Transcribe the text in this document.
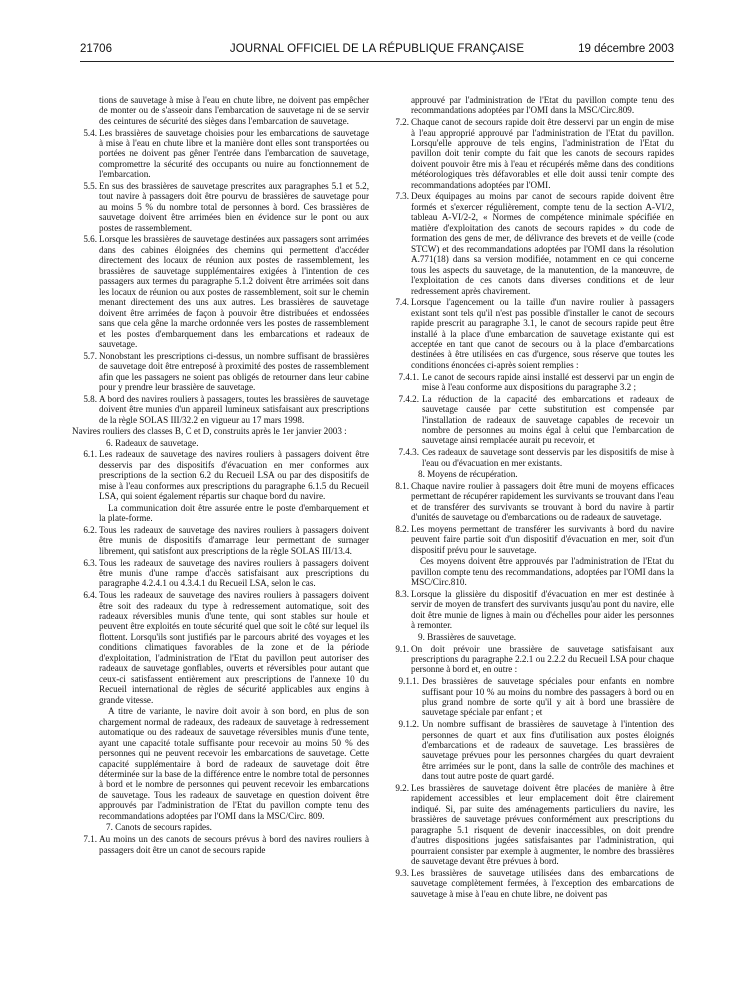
21706	JOURNAL OFFICIEL DE LA RÉPUBLIQUE FRANÇAISE	19 décembre 2003
tions de sauvetage à mise à l'eau en chute libre, ne doivent pas empêcher de monter ou de s'asseoir dans l'embarcation de sauvetage ni de se servir des ceintures de sécurité des sièges dans l'embarcation de sauvetage.
5.4. Les brassières de sauvetage choisies pour les embarcations de sauvetage à mise à l'eau en chute libre et la manière dont elles sont transportées ou portées ne doivent pas gêner l'entrée dans l'embarcation de sauvetage, compromettre la sécurité des occupants ou nuire au fonctionnement de l'embarcation.
5.5. En sus des brassières de sauvetage prescrites aux paragraphes 5.1 et 5.2, tout navire à passagers doit être pourvu de brassières de sauvetage pour au moins 5 % du nombre total de personnes à bord. Ces brassières de sauvetage doivent être arrimées bien en évidence sur le pont ou aux postes de rassemblement.
5.6. Lorsque les brassières de sauvetage destinées aux passagers sont arrimées dans des cabines éloignées des chemins qui permettent d'accéder directement des locaux de réunion aux postes de rassemblement, les brassières de sauvetage supplémentaires exigées à l'intention de ces passagers aux termes du paragraphe 5.1.2 doivent être arrimées soit dans les locaux de réunion ou aux postes de rassemblement, soit sur le chemin menant directement des uns aux autres. Les brassières de sauvetage doivent être arrimées de façon à pouvoir être distribuées et endossées sans que cela gêne la marche ordonnée vers les postes de rassemblement et les postes d'embarquement dans les embarcations et radeaux de sauvetage.
5.7. Nonobstant les prescriptions ci-dessus, un nombre suffisant de brassières de sauvetage doit être entreposé à proximité des postes de rassemblement afin que les passagers ne soient pas obligés de retourner dans leur cabine pour y prendre leur brassière de sauvetage.
5.8. A bord des navires rouliers à passagers, toutes les brassières de sauvetage doivent être munies d'un appareil lumineux satisfaisant aux prescriptions de la règle SOLAS III/32.2 en vigueur au 17 mars 1998.
Navires rouliers des classes B, C et D, construits après le 1er janvier 2003 :
6. Radeaux de sauvetage.
6.1. Les radeaux de sauvetage des navires rouliers à passagers doivent être desservis par des dispositifs d'évacuation en mer conformes aux prescriptions de la section 6.2 du Recueil LSA ou par des dispositifs de mise à l'eau conformes aux prescriptions du paragraphe 6.1.5 du Recueil LSA, qui soient également répartis sur chaque bord du navire.
La communication doit être assurée entre le poste d'embarquement et la plate-forme.
6.2. Tous les radeaux de sauvetage des navires rouliers à passagers doivent être munis de dispositifs d'amarrage leur permettant de surnager librement, qui satisfont aux prescriptions de la règle SOLAS III/13.4.
6.3. Tous les radeaux de sauvetage des navires rouliers à passagers doivent être munis d'une rampe d'accès satisfaisant aux prescriptions du paragraphe 4.2.4.1 ou 4.3.4.1 du Recueil LSA, selon le cas.
6.4. Tous les radeaux de sauvetage des navires rouliers à passagers doivent être soit des radeaux du type à redressement automatique, soit des radeaux réversibles munis d'une tente, qui sont stables sur houle et peuvent être exploités en toute sécurité quel que soit le côté sur lequel ils flottent. Lorsqu'ils sont justifiés par le parcours abrité des voyages et les conditions climatiques favorables de la zone et de la période d'exploitation, l'administration de l'Etat du pavillon peut autoriser des radeaux de sauvetage gonflables, ouverts et réversibles pour autant que ceux-ci satisfassent entièrement aux prescriptions de l'annexe 10 du Recueil international de règles de sécurité applicables aux engins à grande vitesse.
A titre de variante, le navire doit avoir à son bord, en plus de son chargement normal de radeaux, des radeaux de sauvetage à redressement automatique ou des radeaux de sauvetage réversibles munis d'une tente, ayant une capacité totale suffisante pour recevoir au moins 50 % des personnes qui ne peuvent recevoir les embarcations de sauvetage. Cette capacité supplémentaire à bord de radeaux de sauvetage doit être déterminée sur la base de la différence entre le nombre total de personnes à bord et le nombre de personnes qui peuvent recevoir les embarcations de sauvetage. Tous les radeaux de sauvetage en question doivent être approuvés par l'administration de l'Etat du pavillon compte tenu des recommandations adoptées par l'OMI dans la MSC/Circ. 809.
7. Canots de secours rapides.
7.1. Au moins un des canots de secours prévus à bord des navires rouliers à passagers doit être un canot de secours rapide
approuvé par l'administration de l'Etat du pavillon compte tenu des recommandations adoptées par l'OMI dans la MSC/Circ.809.
7.2. Chaque canot de secours rapide doit être desservi par un engin de mise à l'eau approprié approuvé par l'administration de l'Etat du pavillon. Lorsqu'elle approuve de tels engins, l'administration de l'Etat du pavillon doit tenir compte du fait que les canots de secours rapides doivent pouvoir être mis à l'eau et récupérés même dans des conditions météorologiques très défavorables et elle doit aussi tenir compte des recommandations adoptées par l'OMI.
7.3. Deux équipages au moins par canot de secours rapide doivent être formés et s'exercer régulièrement, compte tenu de la section A-VI/2, tableau A-VI/2-2, « Normes de compétence minimale spécifiée en matière d'exploitation des canots de secours rapides » du code de formation des gens de mer, de délivrance des brevets et de veille (code STCW) et des recommandations adoptées par l'OMI dans la résolution A.771(18) dans sa version modifiée, notamment en ce qui concerne tous les aspects du sauvetage, de la manutention, de la manœuvre, de l'exploitation de ces canots dans diverses conditions et de leur redressement après chavirement.
7.4. Lorsque l'agencement ou la taille d'un navire roulier à passagers existant sont tels qu'il n'est pas possible d'installer le canot de secours rapide prescrit au paragraphe 3.1, le canot de secours rapide peut être installé à la place d'une embarcation de sauvetage existante qui est acceptée en tant que canot de secours ou à la place d'embarcations destinées à être utilisées en cas d'urgence, sous réserve que toutes les conditions énoncées ci-après soient remplies :
7.4.1. Le canot de secours rapide ainsi installé est desservi par un engin de mise à l'eau conforme aux dispositions du paragraphe 3.2 ;
7.4.2. La réduction de la capacité des embarcations et radeaux de sauvetage causée par cette substitution est compensée par l'installation de radeaux de sauvetage capables de recevoir un nombre de personnes au moins égal à celui que l'embarcation de sauvetage ainsi remplacée aurait pu recevoir, et
7.4.3. Ces radeaux de sauvetage sont desservis par les dispositifs de mise à l'eau ou d'évacuation en mer existants.
8. Moyens de récupération.
8.1. Chaque navire roulier à passagers doit être muni de moyens efficaces permettant de récupérer rapidement les survivants se trouvant dans l'eau et de transférer des survivants se trouvant à bord du navire à partir d'unités de sauvetage ou d'embarcations ou de radeaux de sauvetage.
8.2. Les moyens permettant de transférer les survivants à bord du navire peuvent faire partie soit d'un dispositif d'évacuation en mer, soit d'un dispositif prévu pour le sauvetage.
Ces moyens doivent être approuvés par l'administration de l'Etat du pavillon compte tenu des recommandations, adoptées par l'OMI dans la MSC/Circ.810.
8.3. Lorsque la glissière du dispositif d'évacuation en mer est destinée à servir de moyen de transfert des survivants jusqu'au pont du navire, elle doit être munie de lignes à main ou d'échelles pour aider les personnes à remonter.
9. Brassières de sauvetage.
9.1. On doit prévoir une brassière de sauvetage satisfaisant aux prescriptions du paragraphe 2.2.1 ou 2.2.2 du Recueil LSA pour chaque personne à bord et, en outre :
9.1.1. Des brassières de sauvetage spéciales pour enfants en nombre suffisant pour 10 % au moins du nombre des passagers à bord ou en plus grand nombre de sorte qu'il y ait à bord une brassière de sauvetage spéciale par enfant ; et
9.1.2. Un nombre suffisant de brassières de sauvetage à l'intention des personnes de quart et aux fins d'utilisation aux postes éloignés d'embarcations et de radeaux de sauvetage. Les brassières de sauvetage prévues pour les personnes chargées du quart devraient être arrimées sur le pont, dans la salle de contrôle des machines et dans tout autre poste de quart gardé.
9.2. Les brassières de sauvetage doivent être placées de manière à être rapidement accessibles et leur emplacement doit être clairement indiqué. Si, par suite des aménagements particuliers du navire, les brassières de sauvetage prévues conformément aux prescriptions du paragraphe 5.1 risquent de devenir inaccessibles, on doit prendre d'autres dispositions jugées satisfaisantes par l'administration, qui pourraient consister par exemple à augmenter, le nombre des brassières de sauvetage devant être prévues à bord.
9.3. Les brassières de sauvetage utilisées dans des embarcations de sauvetage complètement fermées, à l'exception des embarcations de sauvetage à mise à l'eau en chute libre, ne doivent pas
